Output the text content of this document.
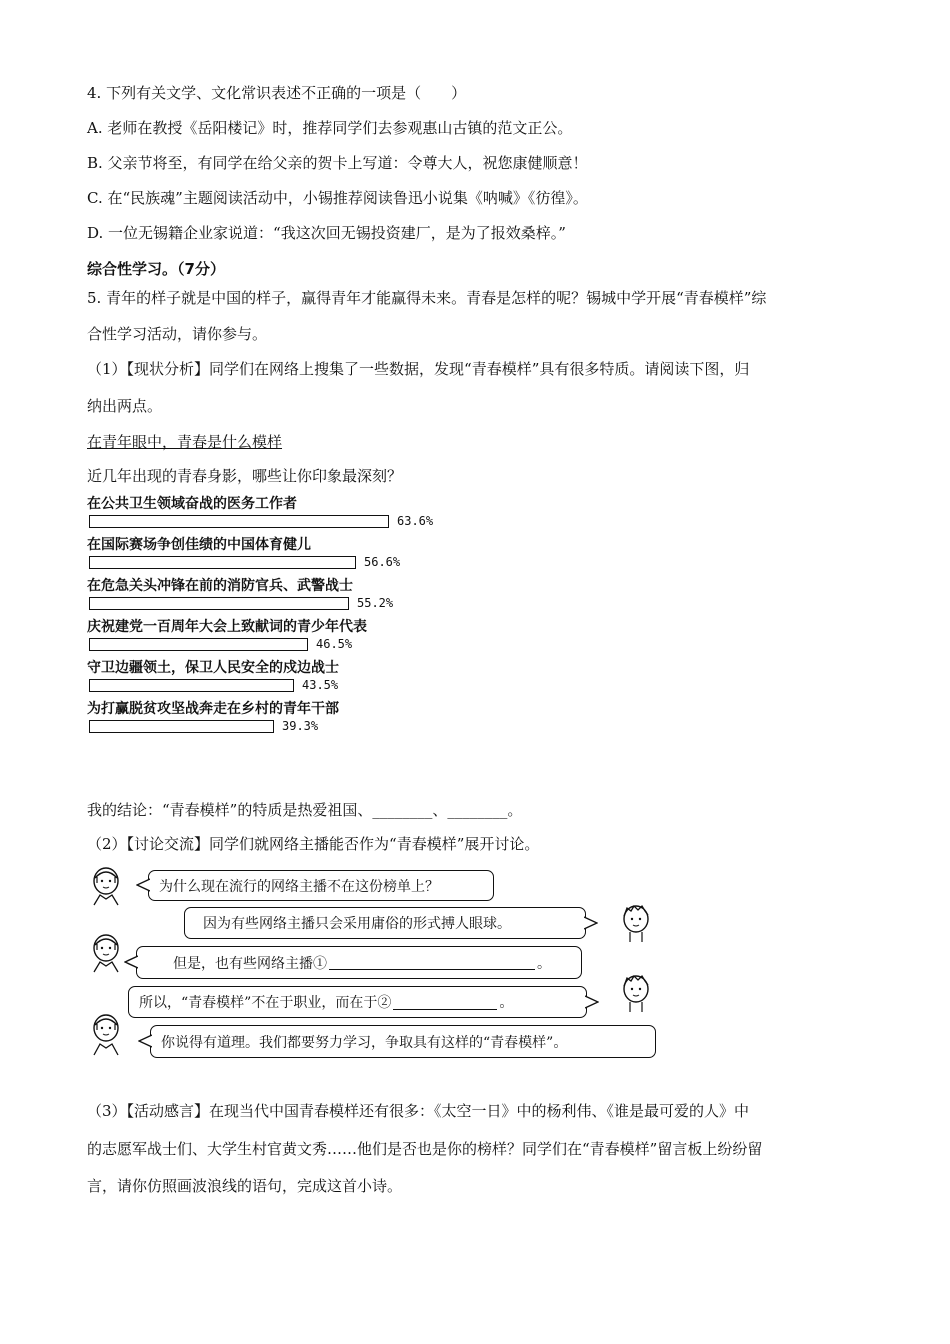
4. 下列有关文学、文化常识表述不正确的一项是（　　）
A. 老师在教授《岳阳楼记》时，推荐同学们去参观惠山古镇的范文正公。
B. 父亲节将至，有同学在给父亲的贺卡上写道：令尊大人，祝您康健顺意！
C. 在“民族魂”主题阅读活动中，小锡推荐阅读鲁迅小说集《呐喊》《彷徨》。
D. 一位无锡籍企业家说道：“我这次回无锡投资建厂，是为了报效桑梓。”
综合性学习。（7分）
5. 青年的样子就是中国的样子，赢得青年才能赢得未来。青春是怎样的呢？锡城中学开展“青春模样”综
合性学习活动，请你参与。
（1）【现状分析】同学们在网络上搜集了一些数据，发现“青春模样”具有很多特质。请阅读下图，归
纳出两点。
在青年眼中，青春是什么模样
近几年出现的青春身影，哪些让你印象最深刻？
在公共卫生领域奋战的医务工作者
63.6%
在国际赛场争创佳绩的中国体育健儿
56.6%
在危急关头冲锋在前的消防官兵、武警战士
55.2%
庆祝建党一百周年大会上致献词的青少年代表
46.5%
守卫边疆领土，保卫人民安全的戍边战士
43.5%
为打赢脱贫攻坚战奔走在乡村的青年干部
39.3%
我的结论：“青春模样”的特质是热爱祖国、________、________。
（2）【讨论交流】同学们就网络主播能否作为“青春模样”展开讨论。
为什么现在流行的网络主播不在这份榜单上？
因为有些网络主播只会采用庸俗的形式搏人眼球。
但是，也有些网络主播①	。
所以，“青春模样”不在于职业，而在于②	。
你说得有道理。我们都要努力学习，争取具有这样的“青春模样”。
（3）【活动感言】在现当代中国青春模样还有很多：《太空一日》中的杨利伟、《谁是最可爱的人》中
的志愿军战士们、大学生村官黄文秀……他们是否也是你的榜样？同学们在“青春模样”留言板上纷纷留
言，请你仿照画波浪线的语句，完成这首小诗。
